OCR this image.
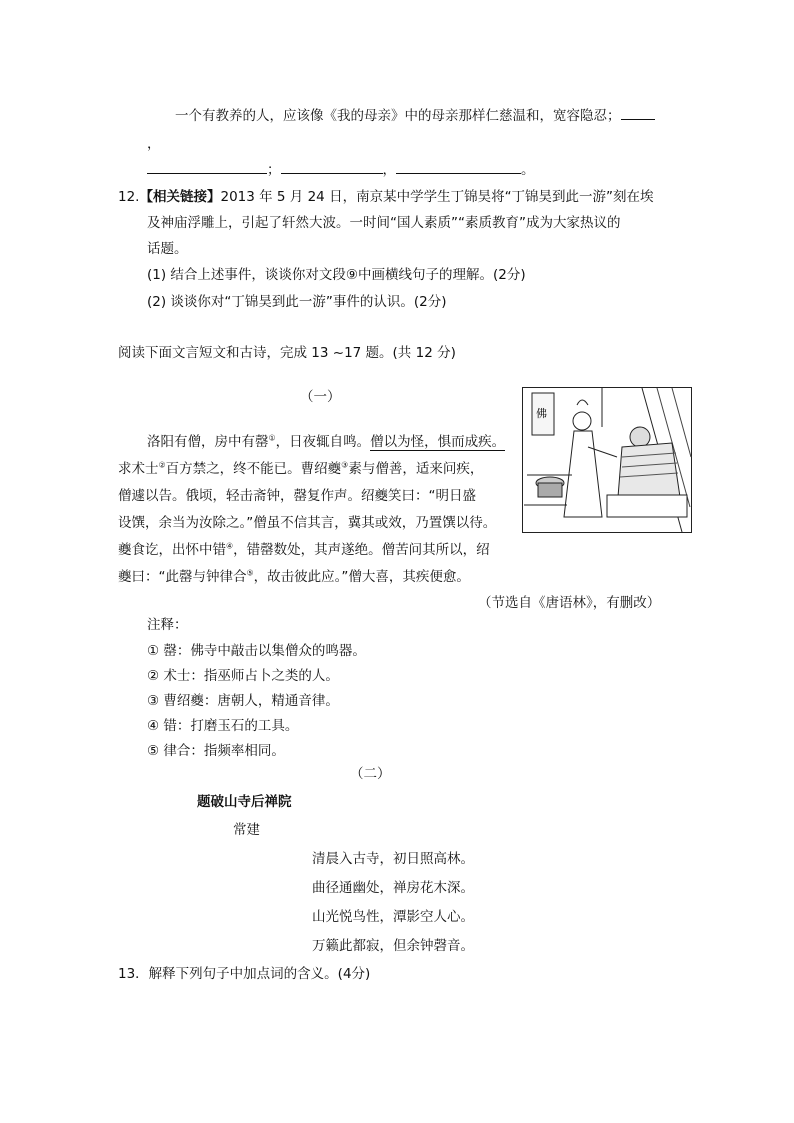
一个有教养的人，应该像《我的母亲》中的母亲那样仁慈温和，宽容隐忍；
，
；	，	。
12.【相关链接】2013 年 5 月 24 日，南京某中学学生丁锦昊将“丁锦昊到此一游”刻在埃
及神庙浮雕上，引起了轩然大波。一时间“国人素质”“素质教育”成为大家热议的
话题。
(1) 结合上述事件，谈谈你对文段⑨中画横线句子的理解。(2分)
(2) 谈谈你对“丁锦昊到此一游”事件的认识。(2分)
阅读下面文言短文和古诗，完成 13 ~17 题。(共 12 分)
（一）
佛
洛阳有僧，房中有罄①，日夜辄自鸣。僧以为怪，惧而成疾。
求术士②百方禁之，终不能已。曹绍夔③素与僧善，适来问疾，
僧遽以告。俄顷，轻击斋钟，罄复作声。绍夔笑曰：“明日盛
设馔，余当为汝除之。”僧虽不信其言，冀其或效，乃置馔以待。
夔食讫，出怀中错④，错罄数处，其声遂绝。僧苦问其所以，绍
夔曰：“此罄与钟律合⑤，故击彼此应。”僧大喜，其疾便愈。
（节选自《唐语林》，有删改）
注释：
① 罄：佛寺中敲击以集僧众的鸣器。
② 术士：指巫师占卜之类的人。
③ 曹绍夔：唐朝人，精通音律。
④ 错：打磨玉石的工具。
⑤ 律合：指频率相同。
（二）
题破山寺后禅院
常建
清晨入古寺，初日照高林。
曲径通幽处，禅房花木深。
山光悦鸟性，潭影空人心。
万籁此都寂，但余钟磬音。
13．解释下列句子中加点词的含义。(4分)
